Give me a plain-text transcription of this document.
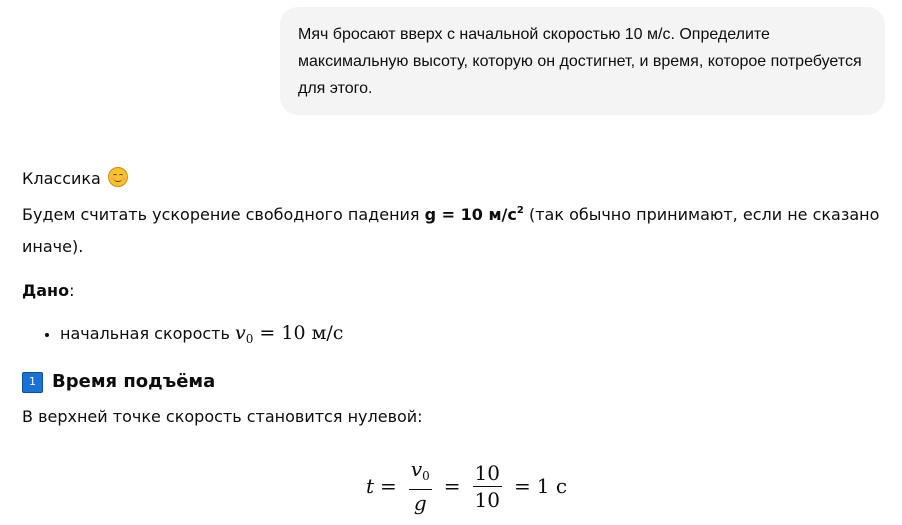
Мяч бросают вверх с начальной скоростью 10 м/с. Определите максимальную высоту, которую он достигнет, и время, которое потребуется для этого.
Классика
Будем считать ускорение свободного падения g = 10 $м/с^2$ (так обычно принимают, если не сказано иначе).
Дано:
• начальная скорость $v_0 = 10$ м/с
1 Время подъёма
В верхней точке скорость становится нулевой:
$t = \frac{v_0}{g} = \frac{10}{10} = 1$ с
